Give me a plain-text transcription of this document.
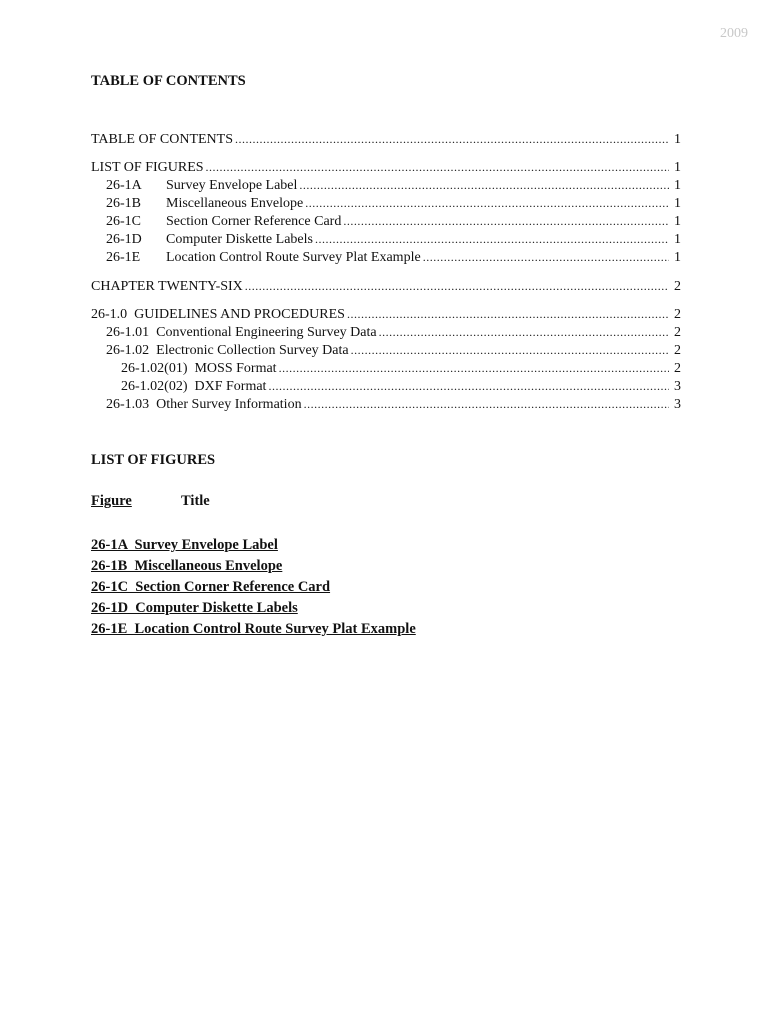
2009
TABLE OF CONTENTS
TABLE OF CONTENTS .....	1
LIST OF FIGURES .....	1
26-1A	Survey Envelope Label .....	1
26-1B	Miscellaneous Envelope .....	1
26-1C	Section Corner Reference Card .....	1
26-1D	Computer Diskette Labels .....	1
26-1E	Location Control Route Survey Plat Example .....	1
CHAPTER TWENTY-SIX .....	2
26-1.0  GUIDELINES AND PROCEDURES .....	2
26-1.01  Conventional Engineering Survey Data .....	2
26-1.02  Electronic Collection Survey Data .....	2
26-1.02(01)  MOSS Format .....	2
26-1.02(02)  DXF Format .....	3
26-1.03  Other Survey Information .....	3
LIST OF FIGURES
Figure	Title
26-1A  Survey Envelope Label
26-1B  Miscellaneous Envelope
26-1C  Section Corner Reference Card
26-1D  Computer Diskette Labels
26-1E  Location Control Route Survey Plat Example
